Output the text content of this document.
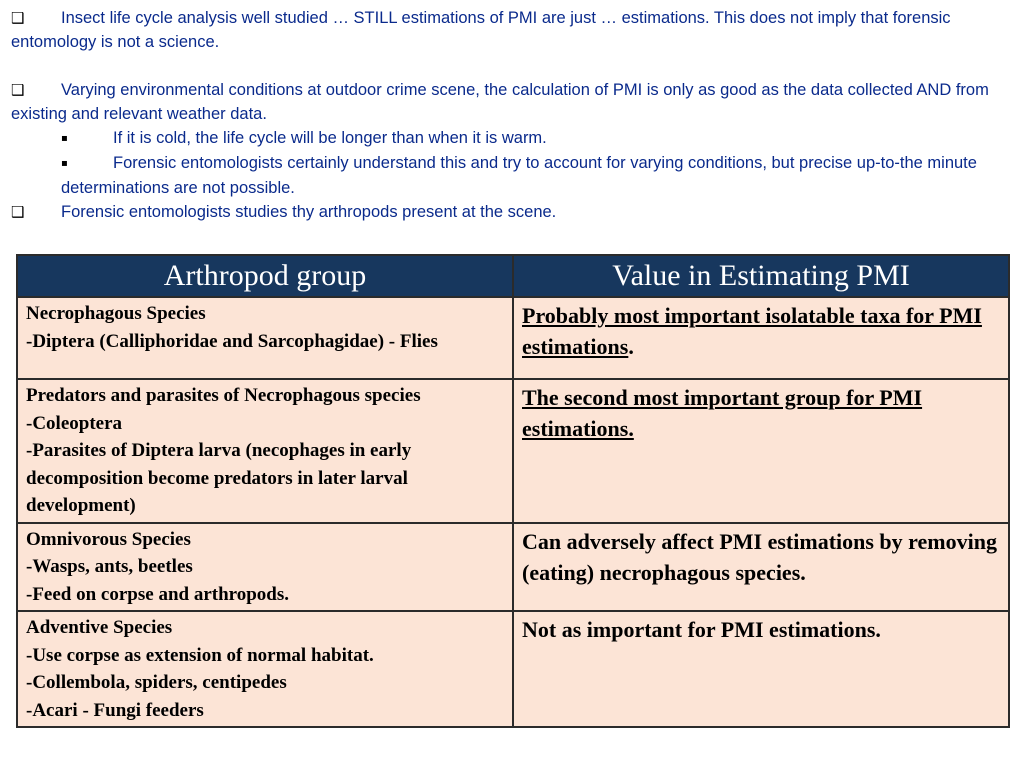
❑ Insect life cycle analysis well studied … STILL estimations of PMI are just … estimations. This does not imply that forensic entomology is not a science.

❑ Varying environmental conditions at outdoor crime scene, the calculation of PMI is only as good as the data collected AND from existing and relevant weather data.

▪	If it is cold, the life cycle will be longer than when it is warm.

▪	Forensic entomologists certainly understand this and try to account for varying conditions, but precise up-to-the minute determinations are not possible.

❑ Forensic entomologists studies thy arthropods present at the scene.

Arthropod group	Value in Estimating PMI

Necrophagous Species
-Diptera (Calliphoridae and Sarcophagidae) - Flies	Probably most important isolatable taxa for PMI estimations.

Predators and parasites of Necrophagous species
-Coleoptera
-Parasites of Diptera larva (necophages in early decomposition become predators in later larval development)	The second most important group for PMI estimations.

Omnivorous Species
-Wasps, ants, beetles
-Feed on corpse and arthropods.	Can adversely affect PMI estimations by removing (eating) necrophagous species.

Adventive Species
-Use corpse as extension of normal habitat.
-Collembola, spiders, centipedes
-Acari - Fungi feeders	Not as important for PMI estimations.
